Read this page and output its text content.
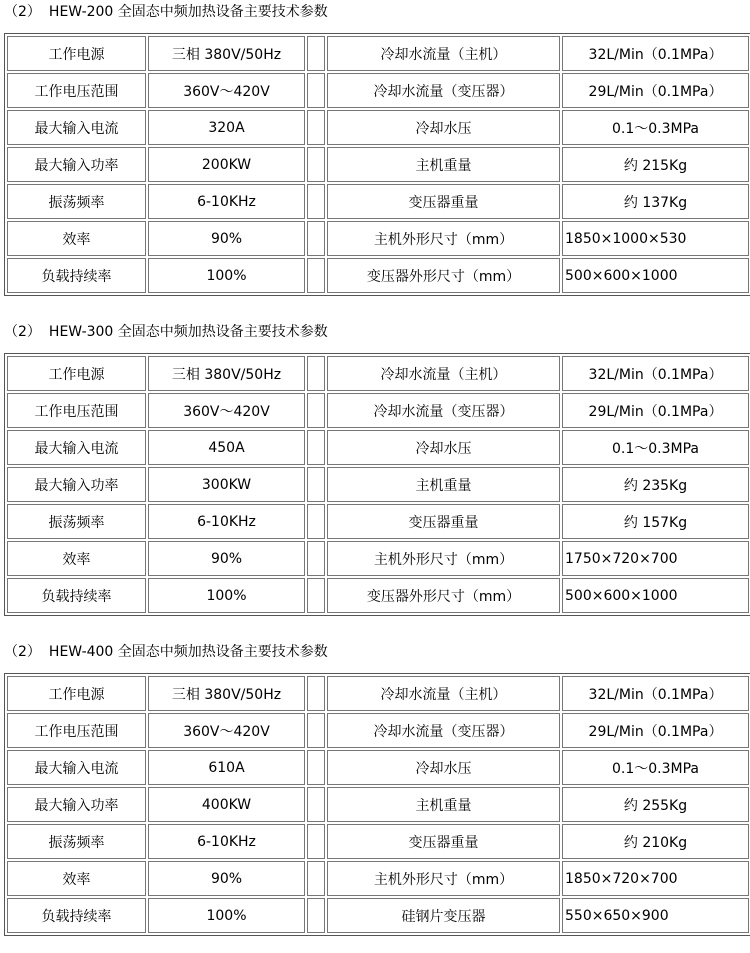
（2） HEW-200 全固态中频加热设备主要技术参数
工作电源	三相 380V/50Hz		冷却水流量（主机）	32L/Min（0.1MPa）
工作电压范围	360V～420V		冷却水流量（变压器）	29L/Min（0.1MPa）
最大输入电流	320A		冷却水压	0.1～0.3MPa
最大输入功率	200KW		主机重量	约 215Kg
振荡频率	6-10KHz		变压器重量	约 137Kg
效率	90%		主机外形尺寸（mm）	1850×1000×530
负载持续率	100%		变压器外形尺寸（mm）	500×600×1000
（2） HEW-300 全固态中频加热设备主要技术参数
工作电源	三相 380V/50Hz		冷却水流量（主机）	32L/Min（0.1MPa）
工作电压范围	360V～420V		冷却水流量（变压器）	29L/Min（0.1MPa）
最大输入电流	450A		冷却水压	0.1～0.3MPa
最大输入功率	300KW		主机重量	约 235Kg
振荡频率	6-10KHz		变压器重量	约 157Kg
效率	90%		主机外形尺寸（mm）	1750×720×700
负载持续率	100%		变压器外形尺寸（mm）	500×600×1000
（2） HEW-400 全固态中频加热设备主要技术参数
工作电源	三相 380V/50Hz		冷却水流量（主机）	32L/Min（0.1MPa）
工作电压范围	360V～420V		冷却水流量（变压器）	29L/Min（0.1MPa）
最大输入电流	610A		冷却水压	0.1～0.3MPa
最大输入功率	400KW		主机重量	约 255Kg
振荡频率	6-10KHz		变压器重量	约 210Kg
效率	90%		主机外形尺寸（mm）	1850×720×700
负载持续率	100%		硅钢片变压器	550×650×900
